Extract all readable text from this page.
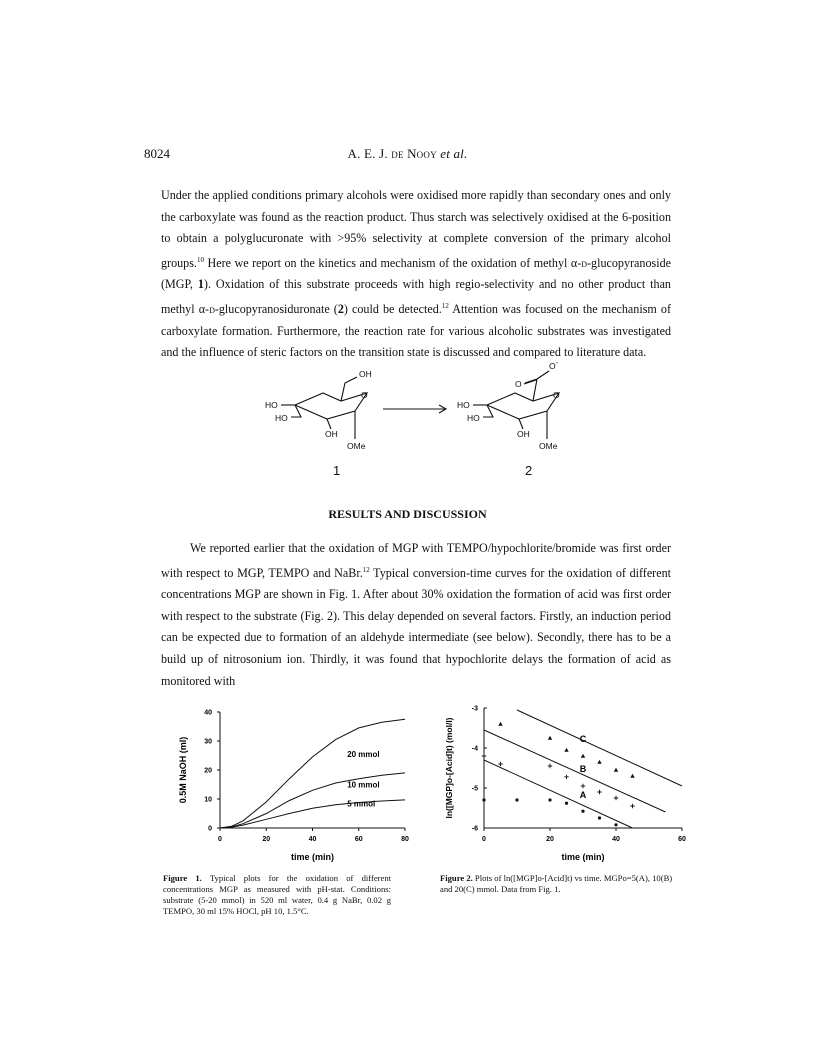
8024	A. E. J. de Nooy et al.
Under the applied conditions primary alcohols were oxidised more rapidly than secondary ones and only the carboxylate was found as the reaction product. Thus starch was selectively oxidised at the 6-position to obtain a polyglucuronate with >95% selectivity at complete conversion of the primary alcohol groups.$^{10}$ Here we report on the kinetics and mechanism of the oxidation of methyl α-d-glucopyranoside (MGP, 1). Oxidation of this substrate proceeds with high regio-selectivity and no other product than methyl α-d-glucopyranosiduronate (2) could be detected.$^{12}$ Attention was focused on the mechanism of carboxylate formation. Furthermore, the reaction rate for various alcoholic substrates was investigated and the influence of steric factors on the transition state is discussed and compared to literature data.
OH
HO
HO
O
OH
OMe
1
O -
O
HO
HO
O
OH
OMe
2
RESULTS AND DISCUSSION
We reported earlier that the oxidation of MGP with TEMPO/hypochlorite/bromide was first order with respect to MGP, TEMPO and NaBr.$^{12}$ Typical conversion-time curves for the oxidation of different concentrations MGP are shown in Fig. 1. After about 30% oxidation the formation of acid was first order with respect to the substrate (Fig. 2). This delay depended on several factors. Firstly, an induction period can be expected due to formation of an aldehyde intermediate (see below). Secondly, there has to be a build up of nitrosonium ion. Thirdly, it was found that hypochlorite delays the formation of acid as monitored with
0	20	40	60	80
0
10
20
30
40
time (min)
0.5M NaOH (ml)	20 mmol
10 mmol
5 mmol
0	20	40	60
-3
-4
-5
-6
time (min)
ln([MGP]o-[Acid]t) (mol/l)	A
B
C
Figure 1. Typical plots for the oxidation of different concentrations MGP as measured with pH-stat. Conditions: substrate (5-20 mmol) in 520 ml water, 0.4 g NaBr, 0.02 g TEMPO, 30 ml 15% HOCl, pH 10, 1.5°C.
Figure 2. Plots of ln([MGP]o-[Acid]t) vs time. MGPo=5(A), 10(B) and 20(C) mmol. Data from Fig. 1.
